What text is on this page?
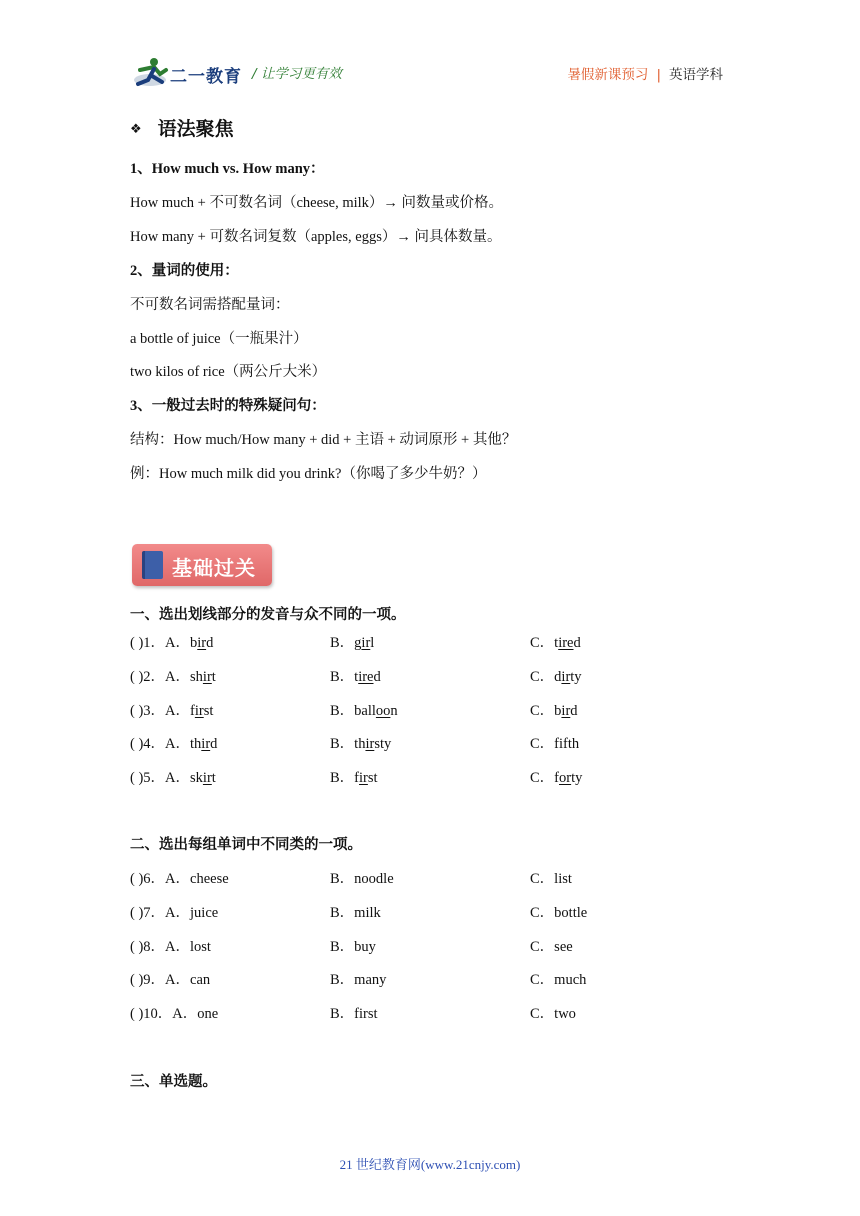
二一教育 / 让学习更有效	暑假新课预习 | 英语学科
❖ 语法聚焦
1、How much vs. How many：
How much + 不可数名词（cheese, milk）→ 问数量或价格。
How many + 可数名词复数（apples, eggs）→ 问具体数量。
2、量词的使用：
不可数名词需搭配量词：
a bottle of juice（一瓶果汁）
two kilos of rice（两公斤大米）
3、一般过去时的特殊疑问句：
结构：How much/How many + did + 主语 + 动词原形 + 其他？
例：How much milk did you drink?（你喝了多少牛奶？）
基础过关
一、选出划线部分的发音与众不同的一项。
( )1．A．bird	B．girl	C．tired
( )2．A．shirt	B．tired	C．dirty
( )3．A．first	B．balloon	C．bird
( )4．A．third	B．thirsty	C．fifth
( )5．A．skirt	B．first	C．forty
二、选出每组单词中不同类的一项。
( )6．A．cheese	B．noodle	C．list
( )7．A．juice	B．milk	C．bottle
( )8．A．lost	B．buy	C．see
( )9．A．can	B．many	C．much
( )10．A．one	B．first	C．two
三、单选题。
21 世纪教育网(www.21cnjy.com)
